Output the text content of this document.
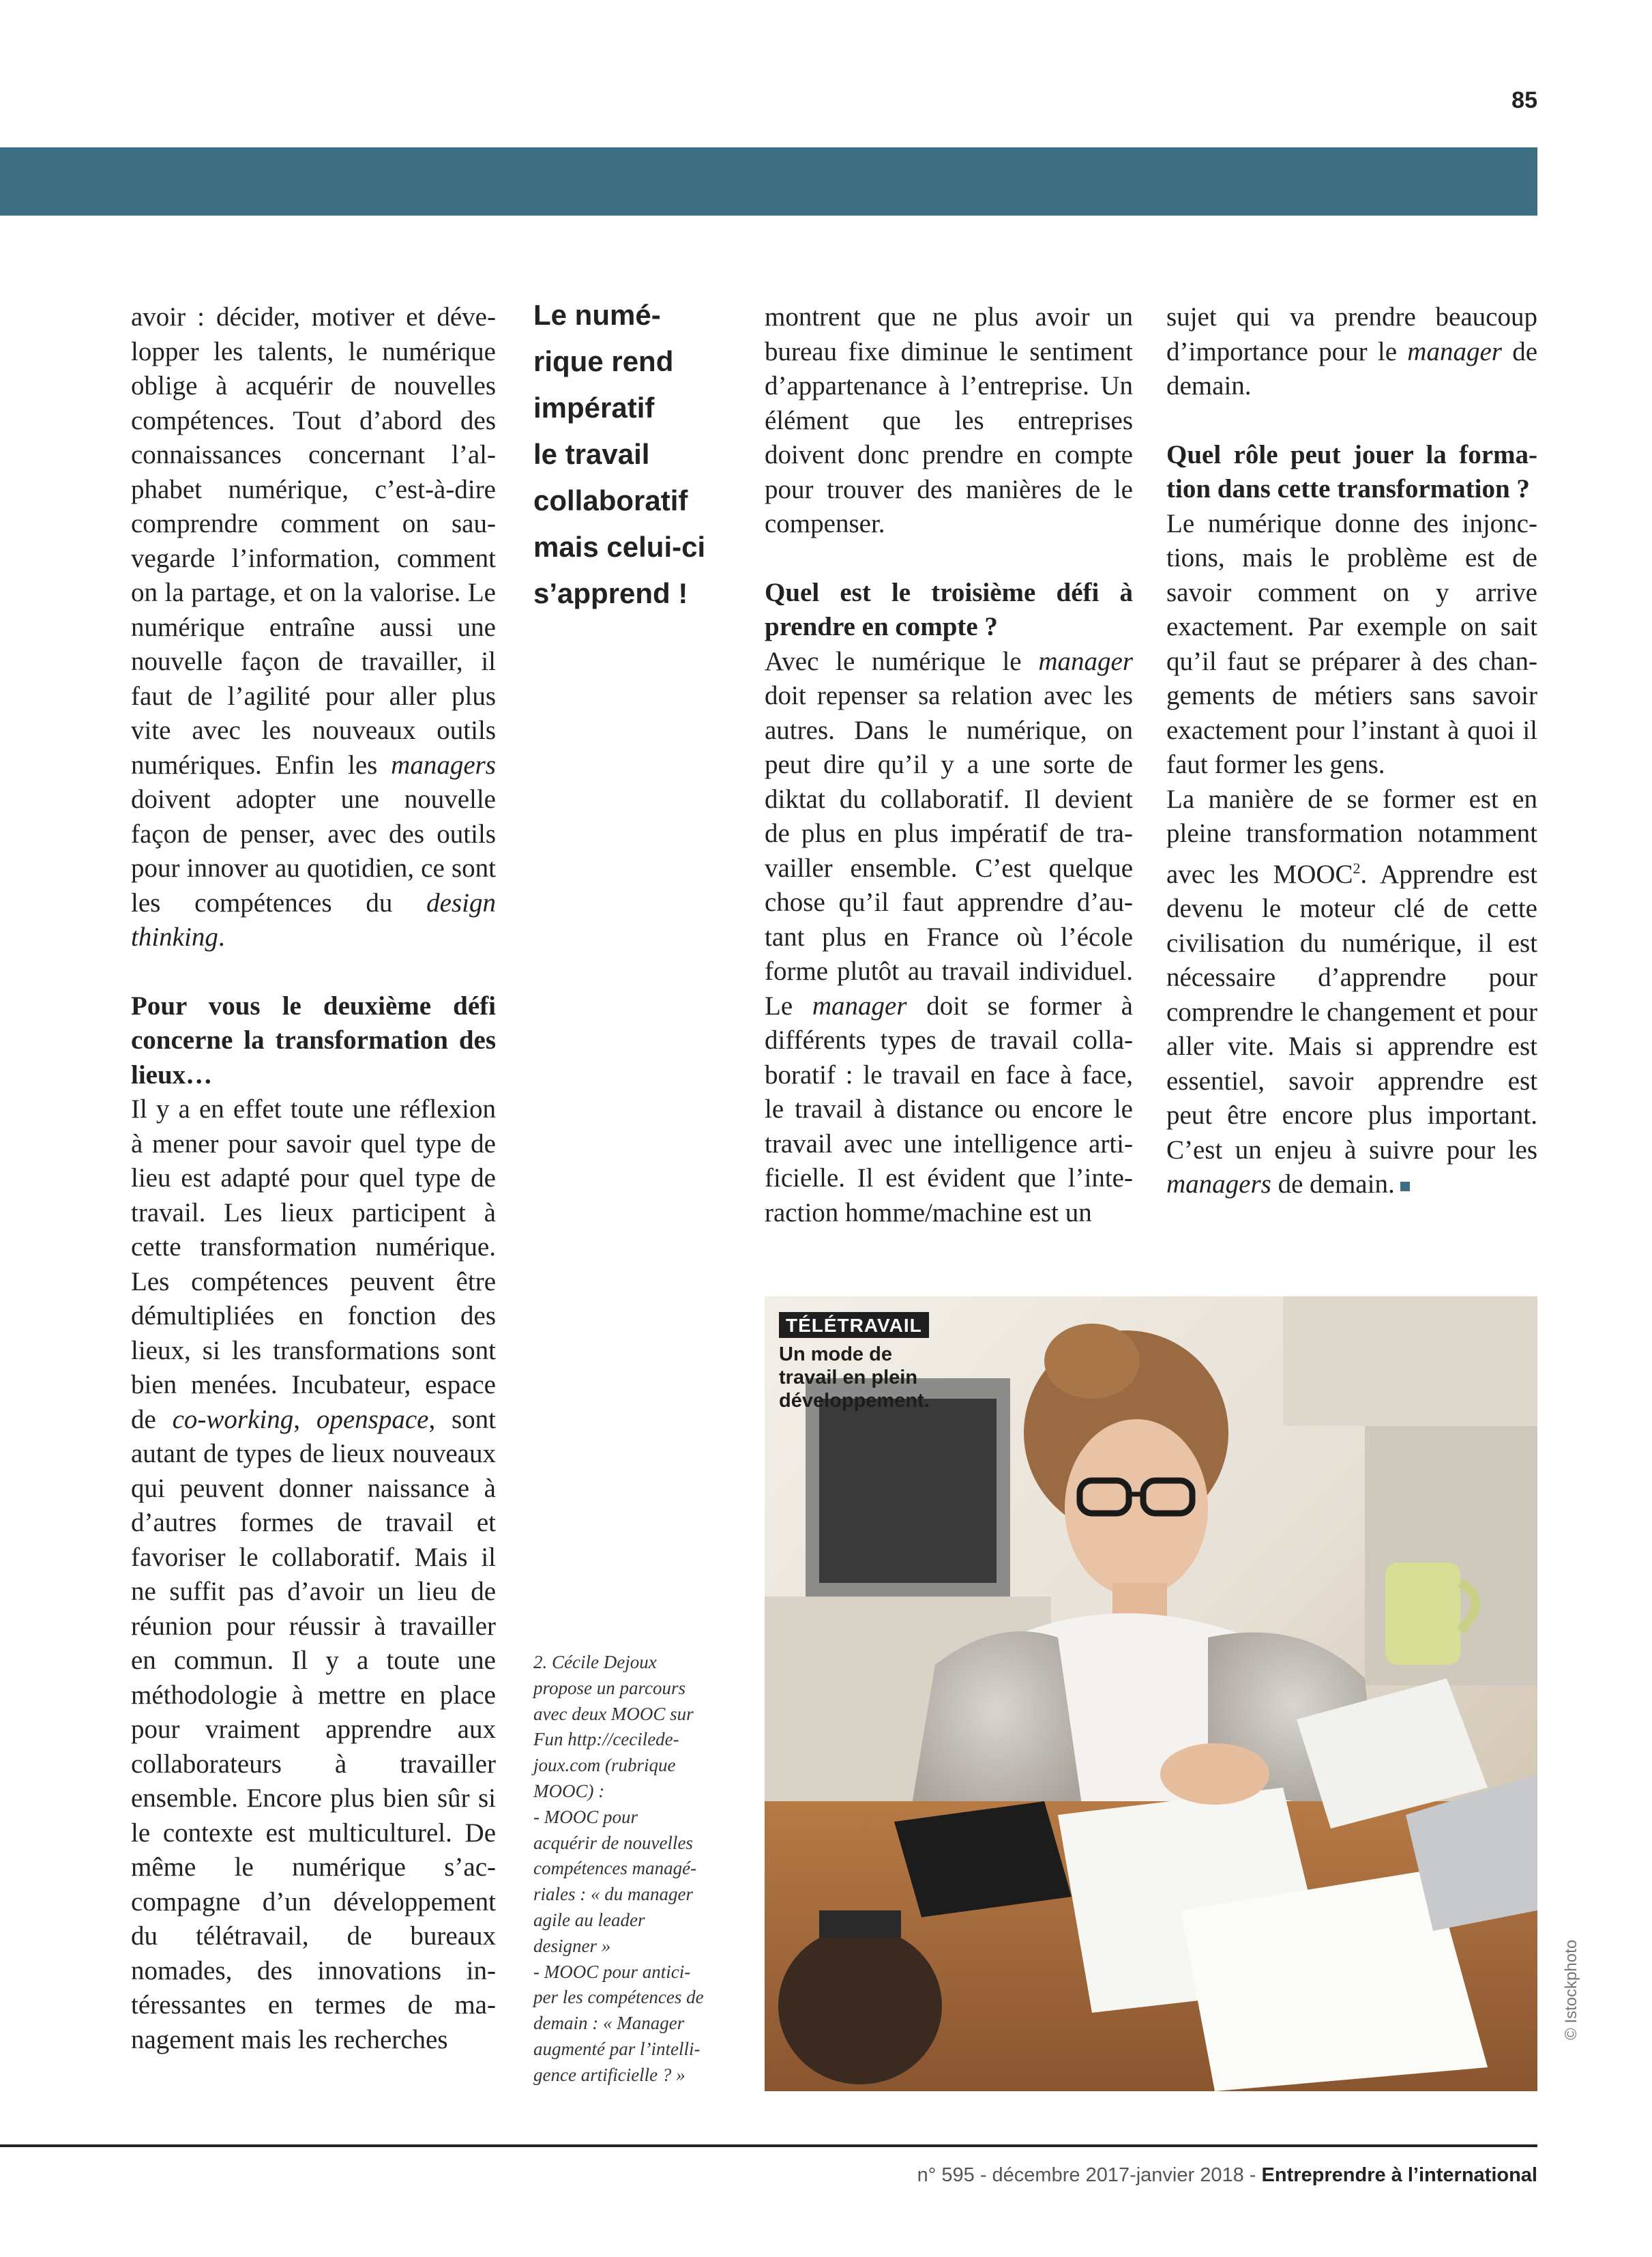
85

avoir : décider, motiver et développer les talents, le numérique oblige à acquérir de nouvelles compétences. Tout d’abord des connaissances concernant l’alphabet numérique, c’est-à-dire comprendre comment on sauvegarde l’information, comment on la partage, et on la valorise. Le numérique entraîne aussi une nouvelle façon de travailler, il faut de l’agilité pour aller plus vite avec les nouveaux outils numériques. Enfin les managers doivent adopter une nouvelle façon de penser, avec des outils pour innover au quotidien, ce sont les compétences du design thinking.

Pour vous le deuxième défi concerne la transformation des lieux…

Il y a en effet toute une réflexion à mener pour savoir quel type de lieu est adapté pour quel type de travail. Les lieux participent à cette transformation numérique. Les compétences peuvent être démultipliées en fonction des lieux, si les transformations sont bien menées. Incubateur, espace de co-working, openspace, sont autant de types de lieux nouveaux qui peuvent donner naissance à d’autres formes de travail et favoriser le collaboratif. Mais il ne suffit pas d’avoir un lieu de réunion pour réussir à travailler en commun. Il y a toute une méthodologie à mettre en place pour vraiment apprendre aux collaborateurs à travailler ensemble. Encore plus bien sûr si le contexte est multiculturel. De même le numérique s’accompagne d’un développement du télétravail, de bureaux nomades, des innovations intéressantes en termes de management mais les recherches

Le numé-
rique rend
impératif
le travail
collaboratif
mais celui-ci
s’apprend !
2. Cécile Dejoux
propose un parcours
avec deux MOOC sur
Fun http://cecilede-
joux.com (rubrique
MOOC) :
- MOOC pour
acquérir de nouvelles
compétences managé-
riales : « du manager
agile au leader
designer »
- MOOC pour antici-
per les compétences de
demain : « Manager
augmenté par l’intelli-
gence artificielle ? »

montrent que ne plus avoir un bureau fixe diminue le sentiment d’appartenance à l’entreprise. Un élément que les entreprises doivent donc prendre en compte pour trouver des manières de le compenser.

Quel est le troisième défi à prendre en compte ?

Avec le numérique le manager doit repenser sa relation avec les autres. Dans le numérique, on peut dire qu’il y a une sorte de diktat du collaboratif. Il devient de plus en plus impératif de travailler ensemble. C’est quelque chose qu’il faut apprendre d’autant plus en France où l’école forme plutôt au travail individuel. Le manager doit se former à différents types de travail collaboratif : le travail en face à face, le travail à distance ou encore le travail avec une intelligence artificielle. Il est évident que l’interaction homme/machine est un

sujet qui va prendre beaucoup d’importance pour le manager de demain.

Quel rôle peut jouer la formation dans cette transformation ?

Le numérique donne des injonctions, mais le problème est de savoir comment on y arrive exactement. Par exemple on sait qu’il faut se préparer à des changements de métiers sans savoir exactement pour l’instant à quoi il faut former les gens.

La manière de se former est en pleine transformation notamment avec les MOOC$^2$. Apprendre est devenu le moteur clé de cette civilisation du numérique, il est nécessaire d’apprendre pour comprendre le changement et pour aller vite. Mais si apprendre est essentiel, savoir apprendre est peut être encore plus important. C’est un enjeu à suivre pour les managers de demain.

TÉLÉTRAVAIL
Un mode de
travail en plein
développement.
© Istockphoto
n° 595 - décembre 2017-janvier 2018 - Entreprendre à l’international
